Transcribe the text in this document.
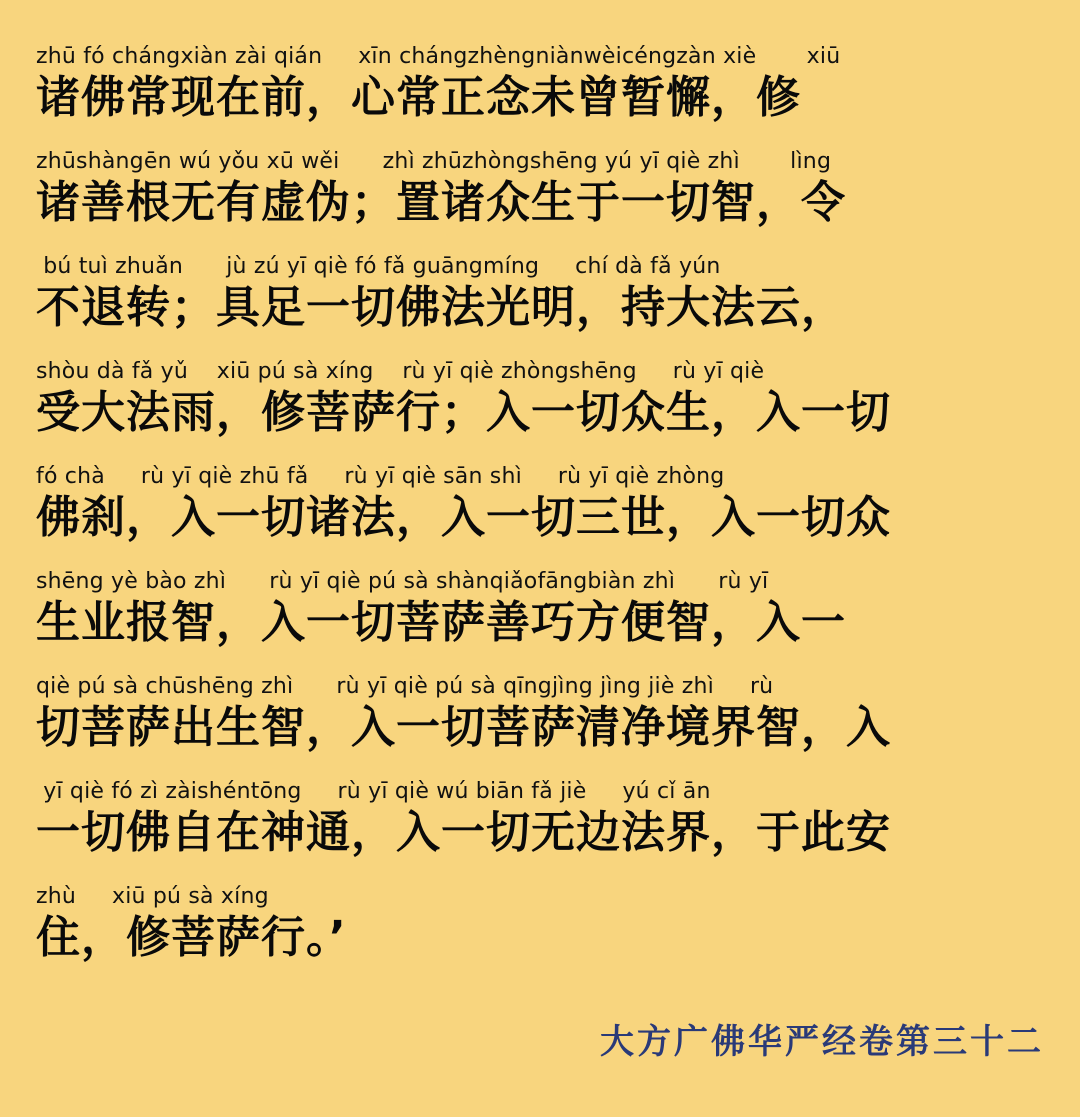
zhū fó chángxiàn zài qián     xīn chángzhèngniànwèicéngzàn xiè       xiū
诸佛常现在前，心常正念未曾暂懈，修
zhūshàngēn wú yǒu xū wěi      zhì zhūzhòngshēng yú yī qiè zhì       lìng
诸善根无有虚伪；置诸众生于一切智，令
bú tuì zhuǎn      jù zú yī qiè fó fǎ guāngmíng     chí dà fǎ yún
不退转；具足一切佛法光明，持大法云，
shòu dà fǎ yǔ    xiū pú sà xíng    rù yī qiè zhòngshēng     rù yī qiè
受大法雨，修菩萨行；入一切众生，入一切
fó chà     rù yī qiè zhū fǎ     rù yī qiè sān shì     rù yī qiè zhòng
佛刹，入一切诸法，入一切三世，入一切众
shēng yè bào zhì      rù yī qiè pú sà shànqiǎofāngbiàn zhì      rù yī
生业报智，入一切菩萨善巧方便智，入一
qiè pú sà chūshēng zhì      rù yī qiè pú sà qīngjìng jìng jiè zhì     rù
切菩萨出生智，入一切菩萨清净境界智，入
yī qiè fó zì zàishéntōng     rù yī qiè wú biān fǎ jiè     yú cǐ ān
一切佛自在神通，入一切无边法界，于此安
zhù     xiū pú sà xíng
住，修菩萨行。’
大方广佛华严经卷第三十二
